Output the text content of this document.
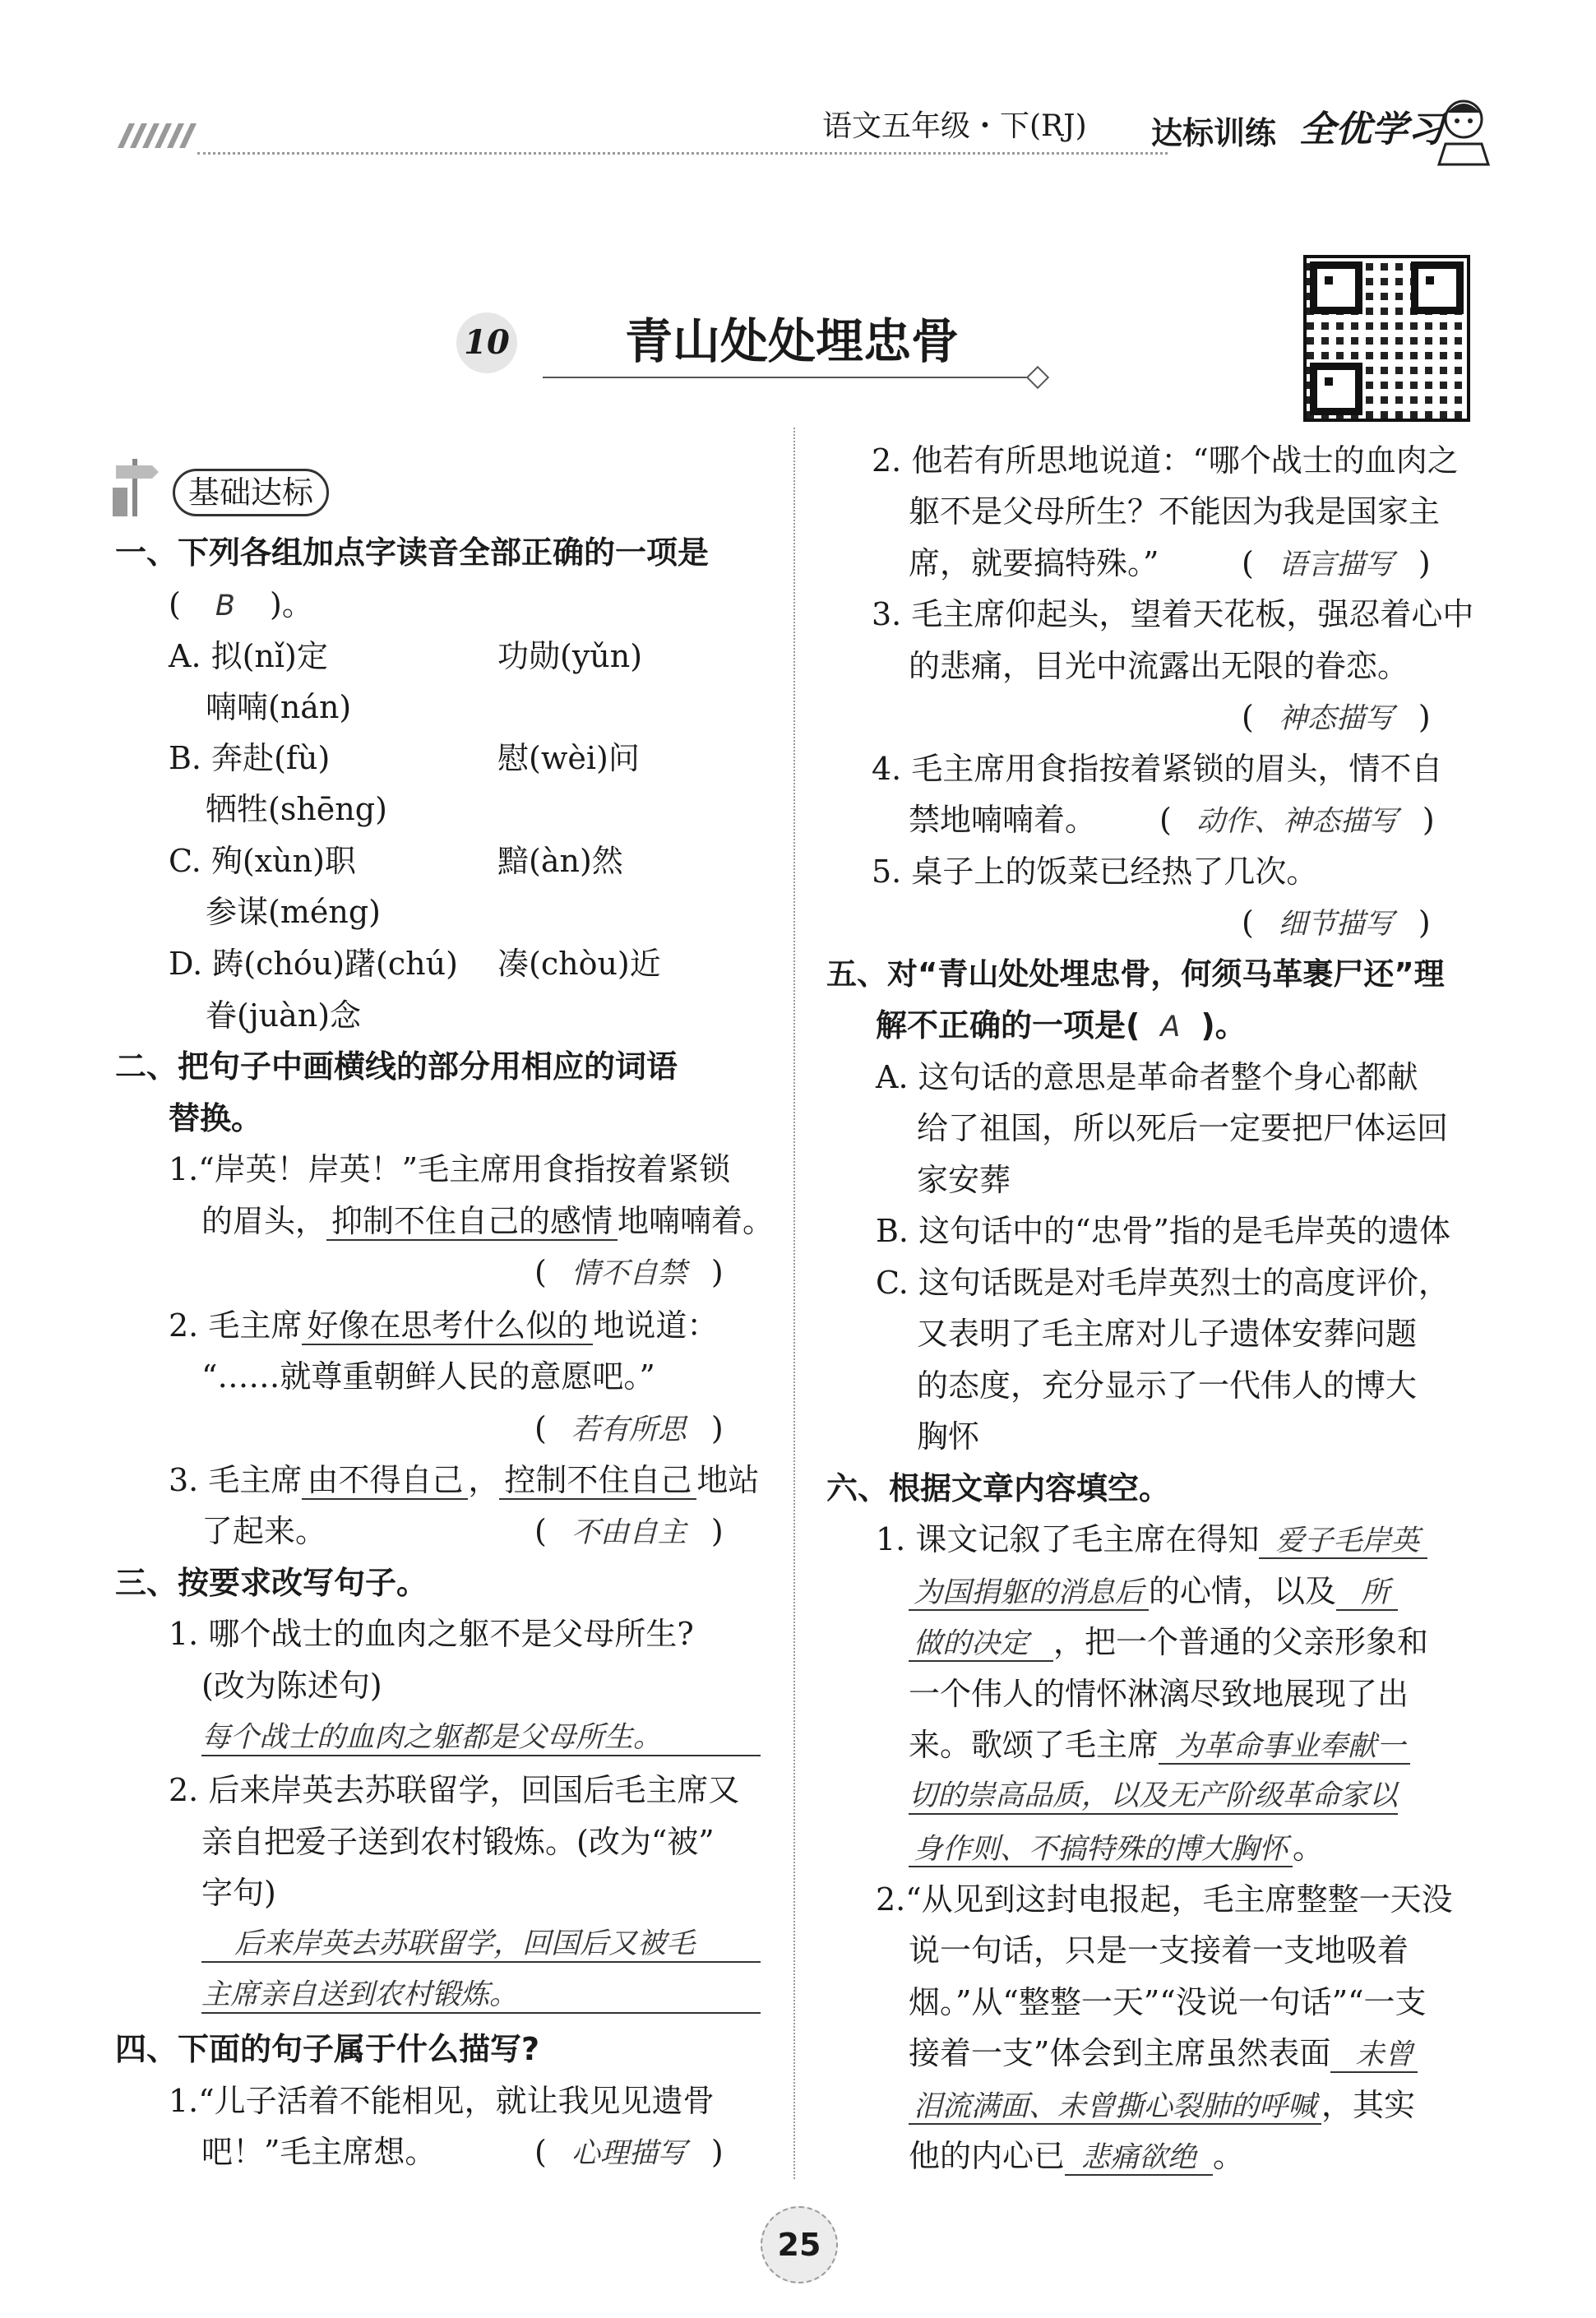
语文五年级・下(RJ) 达标训练 全优学习
10 青山处处埋忠骨
基础达标
一、下列各组加点字读音全部正确的一项是
( B )。
A. 拟(nǐ)定	功勋(yǔn)
喃喃(nán)
B. 奔赴(fù)	慰(wèi)问
牺牲(shēng)
C. 殉(xùn)职	黯(àn)然
参谋(méng)
D. 踌(chóu)躇(chú) 凑(chòu)近
眷(juàn)念
二、把句子中画横线的部分用相应的词语
替换。
1.“岸英！岸英！”毛主席用食指按着紧锁
的眉头， 抑制不住自己的感情 地喃喃着。
( 情不自禁 )
2. 毛主席 好像在思考什么似的 地说道：
“……就尊重朝鲜人民的意愿吧。”
( 若有所思 )
3. 毛主席 由不得自己 ， 控制不住自己 地站
了起来。	( 不由自主 )
三、按要求改写句子。
1. 哪个战士的血肉之躯不是父母所生?
(改为陈述句)
每个战士的血肉之躯都是父母所生。
2. 后来岸英去苏联留学，回国后毛主席又
亲自把爱子送到农村锻炼。(改为“被”
字句)
后来岸英去苏联留学，回国后又被毛
主席亲自送到农村锻炼。
四、下面的句子属于什么描写?
1.“儿子活着不能相见，就让我见见遗骨
吧！”毛主席想。	( 心理描写 )
2. 他若有所思地说道：“哪个战士的血肉之
躯不是父母所生？不能因为我是国家主
席，就要搞特殊。”	( 语言描写 )
3. 毛主席仰起头，望着天花板，强忍着心中
的悲痛，目光中流露出无限的眷恋。
( 神态描写 )
4. 毛主席用食指按着紧锁的眉头，情不自
禁地喃喃着。 ( 动作、神态描写 )
5. 桌子上的饭菜已经热了几次。
( 细节描写 )
五、对“青山处处埋忠骨，何须马革裹尸还”理
解不正确的一项是( A )。
A. 这句话的意思是革命者整个身心都献
给了祖国，所以死后一定要把尸体运回
家安葬
B. 这句话中的“忠骨”指的是毛岸英的遗体
C. 这句话既是对毛岸英烈士的高度评价，
又表明了毛主席对儿子遗体安葬问题
的态度，充分显示了一代伟人的博大
胸怀
六、根据文章内容填空。
1. 课文记叙了毛主席在得知 爱子毛岸英
为国捐躯的消息后 的心情，以及 所
做的决定 ，把一个普通的父亲形象和
一个伟人的情怀淋漓尽致地展现了出
来。歌颂了毛主席 为革命事业奉献一
切的崇高品质，以及无产阶级革命家以
身作则、不搞特殊的博大胸怀 。
2.“从见到这封电报起，毛主席整整一天没
说一句话，只是一支接着一支地吸着
烟。”从“整整一天”“没说一句话”“一支
接着一支”体会到主席虽然表面 未曾
泪流满面、未曾撕心裂肺的呼喊 ，其实
他的内心已 悲痛欲绝 。
25
